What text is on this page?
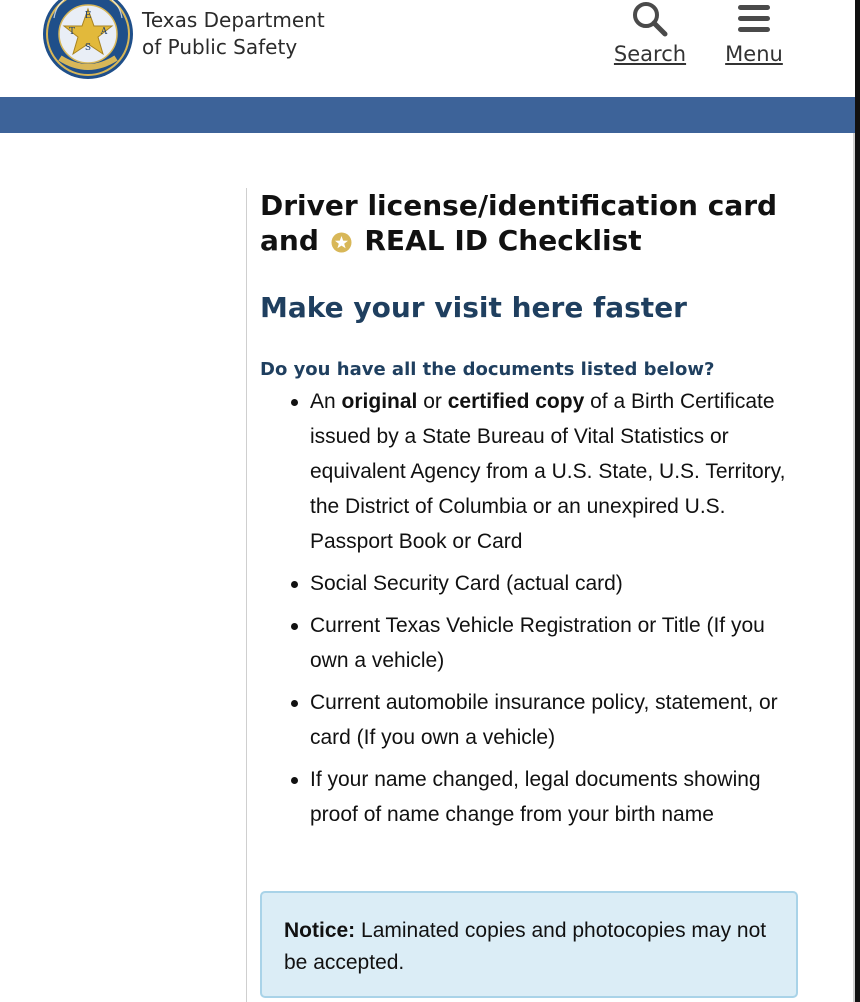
E
T	A
S
Texas Department
of Public Safety	Search Menu
Driver license/identification card and REAL ID Checklist
Make your visit here faster
Do you have all the documents listed below?
An original or certified copy of a Birth Certificate issued by a State Bureau of Vital Statistics or equivalent Agency from a U.S. State, U.S. Territory, the District of Columbia or an unexpired U.S. Passport Book or Card
Social Security Card (actual card)
Current Texas Vehicle Registration or Title (If you own a vehicle)
Current automobile insurance policy, statement, or card (If you own a vehicle)
If your name changed, legal documents showing proof of name change from your birth name
Notice: Laminated copies and photocopies may not be accepted.
